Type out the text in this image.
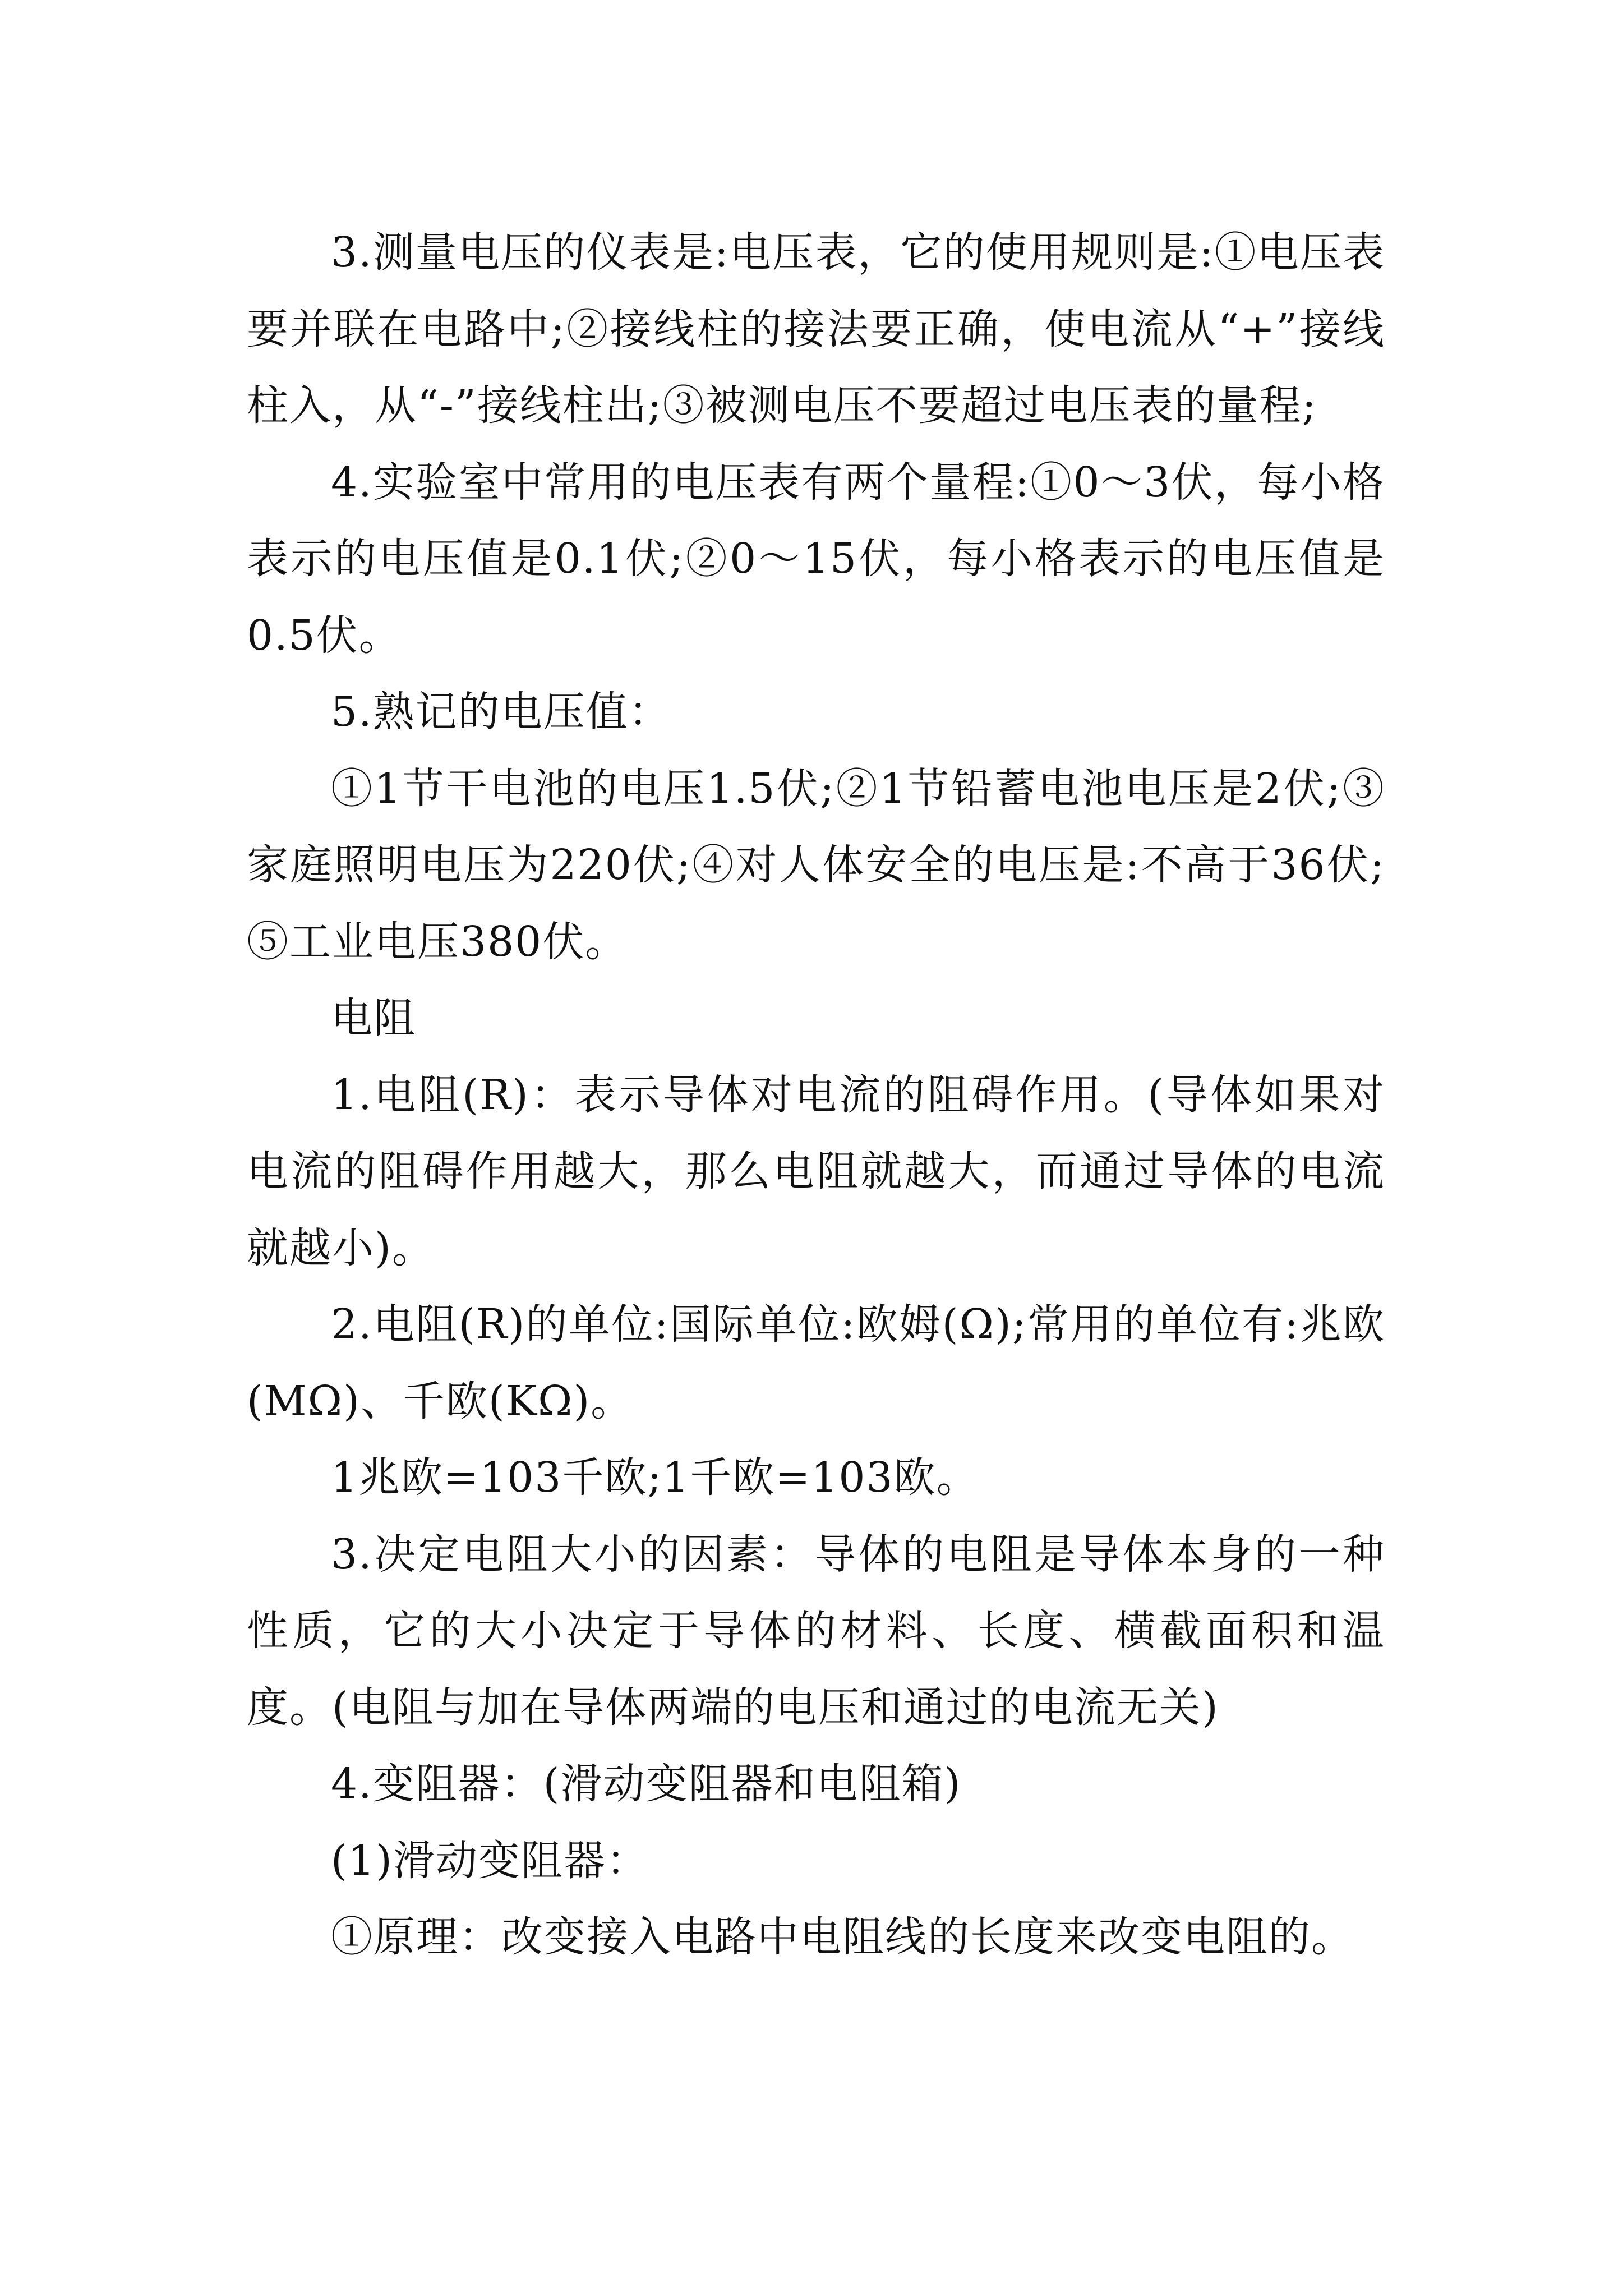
3.测量电压的仪表是:电压表，它的使用规则是:①电压表要并联在电路中;②接线柱的接法要正确，使电流从“+”接线柱入，从“-”接线柱出;③被测电压不要超过电压表的量程;

4.实验室中常用的电压表有两个量程:①0～3伏，每小格表示的电压值是0.1伏;②0～15伏，每小格表示的电压值是0.5伏。

5.熟记的电压值：

①1节干电池的电压1.5伏;②1节铅蓄电池电压是2伏;③家庭照明电压为220伏;④对人体安全的电压是:不高于36伏;⑤工业电压380伏。

电阻

1.电阻(R)：表示导体对电流的阻碍作用。(导体如果对电流的阻碍作用越大，那么电阻就越大，而通过导体的电流就越小)。

2.电阻(R)的单位:国际单位:欧姆(Ω);常用的单位有:兆欧(MΩ)、千欧(KΩ)。

1兆欧=103千欧;1千欧=103欧。

3.决定电阻大小的因素：导体的电阻是导体本身的一种性质，它的大小决定于导体的材料、长度、横截面积和温度。(电阻与加在导体两端的电压和通过的电流无关)

4.变阻器：(滑动变阻器和电阻箱)

(1)滑动变阻器：

①原理：改变接入电路中电阻线的长度来改变电阻的。
